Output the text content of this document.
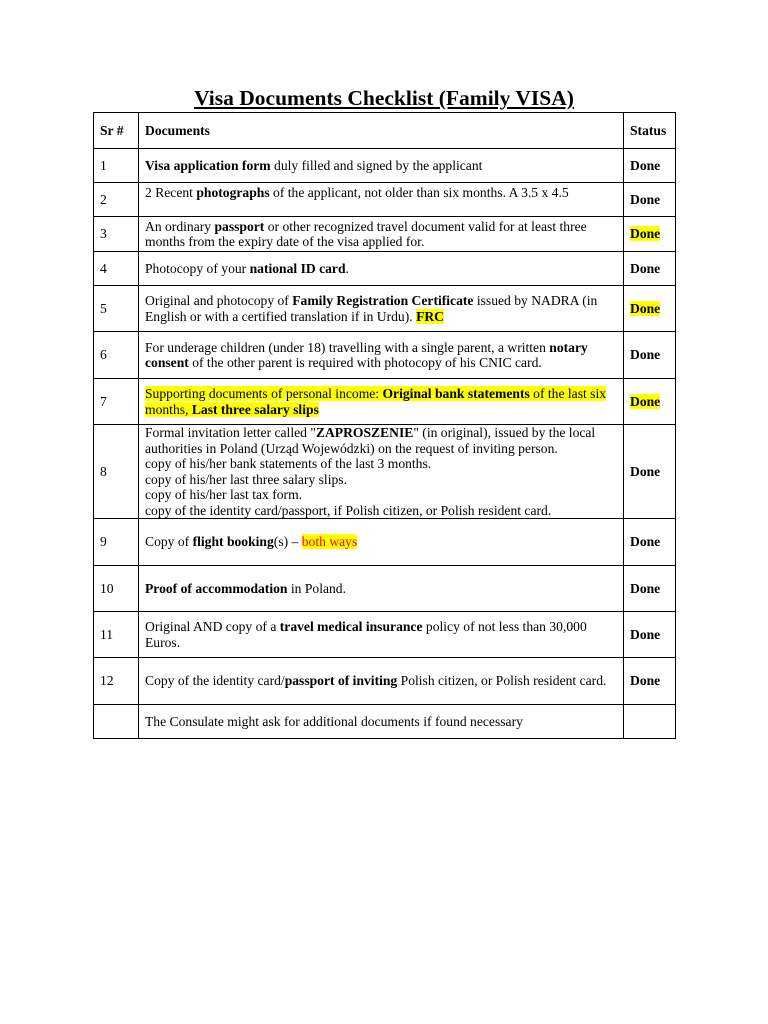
Visa Documents Checklist (Family VISA)
Sr #	Documents	Status
1	Visa application form duly filled and signed by the applicant	Done
2	2 Recent photographs of the applicant, not older than six months. A 3.5 x 4.5	Done
3	An ordinary passport or other recognized travel document valid for at least three months from the expiry date of the visa applied for.	Done
4	Photocopy of your national ID card.	Done
5	Original and photocopy of Family Registration Certificate issued by NADRA (in English or with a certified translation if in Urdu). FRC	Done
6	For underage children (under 18) travelling with a single parent, a written notary consent of the other parent is required with photocopy of his CNIC card.	Done
7	Supporting documents of personal income: Original bank statements of the last six months, Last three salary slips	Done
8	Formal invitation letter called "ZAPROSZENIE" (in original), issued by the local authorities in Poland (Urząd Wojewódzki) on the request of inviting person.
copy of his/her bank statements of the last 3 months.
copy of his/her last three salary slips.
copy of his/her last tax form.
copy of the identity card/passport, if Polish citizen, or Polish resident card.	Done
9	Copy of flight booking(s) – both ways	Done
10	Proof of accommodation in Poland.	Done
11	Original AND copy of a travel medical insurance policy of not less than 30,000 Euros.	Done
12	Copy of the identity card/passport of inviting Polish citizen, or Polish resident card.	Done
	The Consulate might ask for additional documents if found necessary	
